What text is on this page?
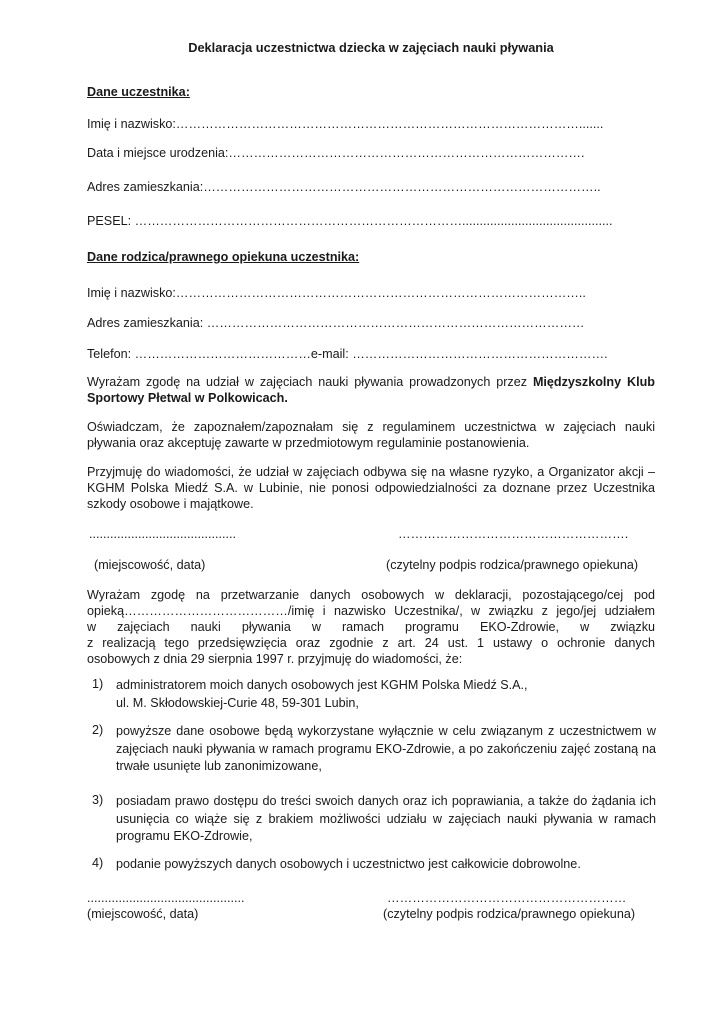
Deklaracja uczestnictwa dziecka w zajęciach nauki pływania
Dane uczestnika:
Imię i nazwisko:…………………………………………………………………………………….......
Data i miejsce urodzenia:………………………………………………………………………….
Adres zamieszkania:…………………………………………………………………………………..
PESEL: ……………………………………………………………………...........................................
Dane rodzica/prawnego opiekuna uczestnika:
Imię i nazwisko:……………………………………………………………………………………..
Adres zamieszkania: ………………………………………………………………………………
Telefon: ……………………………………e-mail: …………………………………………………….
Wyrażam zgodę na udział w zajęciach nauki pływania prowadzonych przez Międzyszkolny Klub Sportowy Płetwal w Polkowicach.
Oświadczam, że zapoznałem/zapoznałam się z regulaminem uczestnictwa w zajęciach nauki pływania oraz akceptuję zawarte w przedmiotowym regulaminie postanowienia.
Przyjmuję do wiadomości, że udział w zajęciach odbywa się na własne ryzyko, a Organizator akcji – KGHM Polska Miedź S.A. w Lubinie, nie ponosi odpowiedzialności za doznane przez Uczestnika szkody osobowe i majątkowe.
..........................................	……………………………………………….
(miejscowość, data)	(czytelny podpis rodzica/prawnego opiekuna)
Wyrażam zgodę na przetwarzanie danych osobowych w deklaracji, pozostającego/cej pod
opieką…………………………………/imię i nazwisko Uczestnika/, w związku z jego/jej udziałem
w zajęciach nauki pływania w ramach programu EKO-Zdrowie, w związku
z realizacją tego przedsięwzięcia oraz zgodnie z art. 24 ust. 1 ustawy o ochronie danych
osobowych z dnia 29 sierpnia 1997 r. przyjmuję do wiadomości, że:
1) administratorem moich danych osobowych jest KGHM Polska Miedź S.A.,
ul. M. Skłodowskiej-Curie 48, 59-301 Lubin,
2) powyższe dane osobowe będą wykorzystane wyłącznie w celu związanym z uczestnictwem w zajęciach nauki pływania w ramach programu EKO-Zdrowie, a po zakończeniu zajęć zostaną na trwałe usunięte lub zanonimizowane,
3) posiadam prawo dostępu do treści swoich danych oraz ich poprawiania, a także do żądania ich usunięcia co wiąże się z brakiem możliwości udziału w zajęciach nauki pływania w ramach programu EKO-Zdrowie,
4) podanie powyższych danych osobowych i uczestnictwo jest całkowicie dobrowolne.
.............................................	…………………………………………………
(miejscowość, data)	(czytelny podpis rodzica/prawnego opiekuna)
